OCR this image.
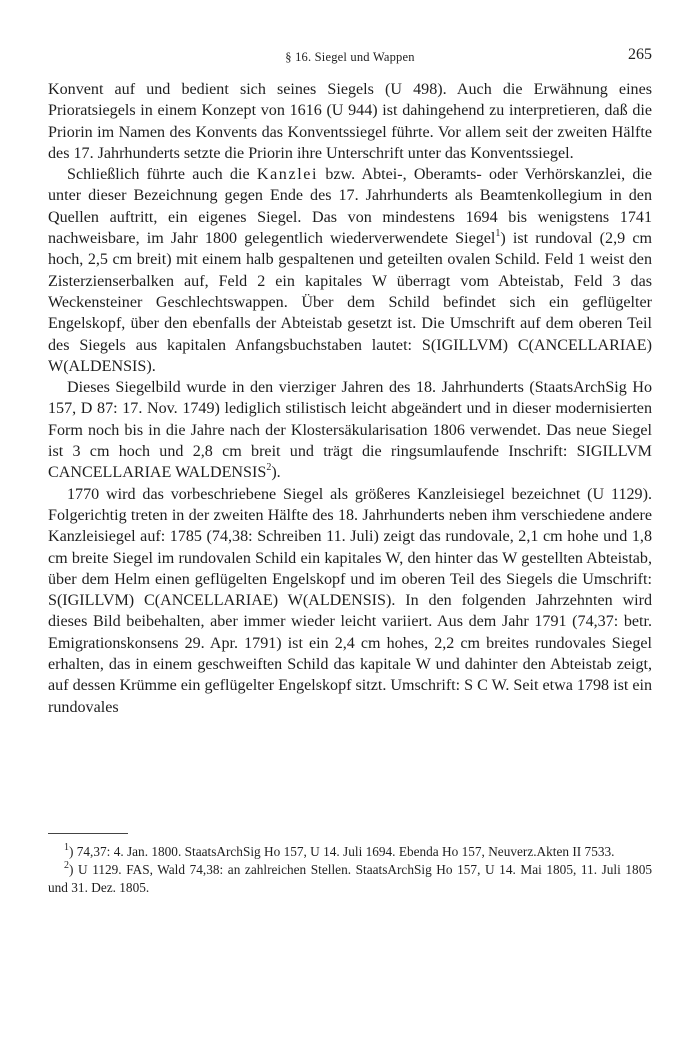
§ 16. Siegel und Wappen	265

Konvent auf und bedient sich seines Siegels (U 498). Auch die Erwähnung eines Prioratsiegels in einem Konzept von 1616 (U 944) ist dahingehend zu interpretieren, daß die Priorin im Namen des Konvents das Konventssiegel führte. Vor allem seit der zweiten Hälfte des 17. Jahrhunderts setzte die Priorin ihre Unterschrift unter das Konventssiegel.

Schließlich führte auch die Kanzlei bzw. Abtei-, Oberamts- oder Verhörskanzlei, die unter dieser Bezeichnung gegen Ende des 17. Jahrhunderts als Beamtenkollegium in den Quellen auftritt, ein eigenes Siegel. Das von mindestens 1694 bis wenigstens 1741 nachweisbare, im Jahr 1800 gelegentlich wiederverwendete Siegel$^1$) ist rundoval (2,9 cm hoch, 2,5 cm breit) mit einem halb gespaltenen und geteilten ovalen Schild. Feld 1 weist den Zisterzienserbalken auf, Feld 2 ein kapitales W überragt vom Abteistab, Feld 3 das Weckensteiner Geschlechtswappen. Über dem Schild befindet sich ein geflügelter Engelskopf, über den ebenfalls der Abteistab gesetzt ist. Die Umschrift auf dem oberen Teil des Siegels aus kapitalen Anfangsbuchstaben lautet: S(IGILLVM) C(ANCELLARIAE) W(ALDENSIS).

Dieses Siegelbild wurde in den vierziger Jahren des 18. Jahrhunderts (StaatsArchSig Ho 157, D 87: 17. Nov. 1749) lediglich stilistisch leicht abgeändert und in dieser modernisierten Form noch bis in die Jahre nach der Klostersäkularisation 1806 verwendet. Das neue Siegel ist 3 cm hoch und 2,8 cm breit und trägt die ringsumlaufende Inschrift: SIGILLVM CANCELLARIAE WALDENSIS$^2$).

1770 wird das vorbeschriebene Siegel als größeres Kanzleisiegel bezeichnet (U 1129). Folgerichtig treten in der zweiten Hälfte des 18. Jahrhunderts neben ihm verschiedene andere Kanzleisiegel auf: 1785 (74,38: Schreiben 11. Juli) zeigt das rundovale, 2,1 cm hohe und 1,8 cm breite Siegel im rundovalen Schild ein kapitales W, den hinter das W gestellten Abteistab, über dem Helm einen geflügelten Engelskopf und im oberen Teil des Siegels die Umschrift: S(IGILLVM) C(ANCELLARIAE) W(ALDENSIS). In den folgenden Jahrzehnten wird dieses Bild beibehalten, aber immer wieder leicht variiert. Aus dem Jahr 1791 (74,37: betr. Emigrationskonsens 29. Apr. 1791) ist ein 2,4 cm hohes, 2,2 cm breites rundovales Siegel erhalten, das in einem geschweiften Schild das kapitale W und dahinter den Abteistab zeigt, auf dessen Krümme ein geflügelter Engelskopf sitzt. Umschrift: S C W. Seit etwa 1798 ist ein rundovales

$^1$) 74,37: 4. Jan. 1800. StaatsArchSig Ho 157, U 14. Juli 1694. Ebenda Ho 157, Neuverz.Akten II 7533.

$^2$) U 1129. FAS, Wald 74,38: an zahlreichen Stellen. StaatsArchSig Ho 157, U 14. Mai 1805, 11. Juli 1805 und 31. Dez. 1805.
